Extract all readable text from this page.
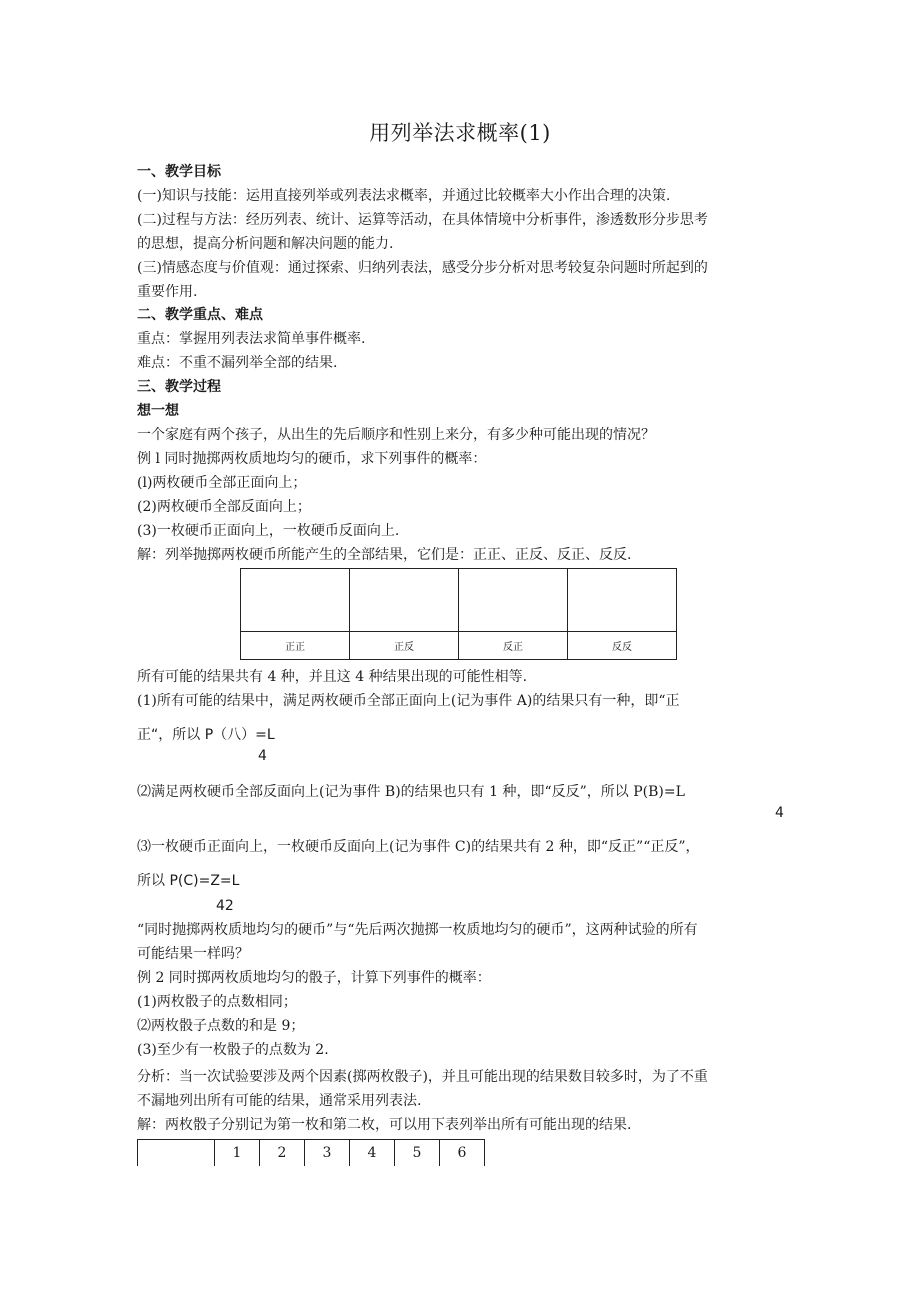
用列举法求概率(1)
一、教学目标
(一)知识与技能：运用直接列举或列表法求概率，并通过比较概率大小作出合理的决策.
(二)过程与方法：经历列表、统计、运算等活动，在具体情境中分析事件，渗透数形分步思考
的思想，提高分析问题和解决问题的能力.
(三)情感态度与价值观：通过探索、归纳列表法，感受分步分析对思考较复杂问题时所起到的
重要作用.
二、教学重点、难点
重点：掌握用列表法求简单事件概率.
难点：不重不漏列举全部的结果.
三、教学过程
想一想
一个家庭有两个孩子，从出生的先后顺序和性别上来分，有多少种可能出现的情况？
例 l 同时抛掷两枚质地均匀的硬币，求下列事件的概率：
(l)两枚硬币全部正面向上；
(2)两枚硬币全部反面向上；
(3)一枚硬币正面向上，一枚硬币反面向上.
解：列举抛掷两枚硬币所能产生的全部结果，它们是：正正、正反、反正、反反.

正正	正反	反正	反反
所有可能的结果共有 4 种，并且这 4 种结果出现的可能性相等.
(1)所有可能的结果中，满足两枚硬币全部正面向上(记为事件 A)的结果只有一种，即“正
正“，所以 P（八）=L
4
⑵满足两枚硬币全部反面向上(记为事件 B)的结果也只有 1 种，即“反反”，所以 P(B)=L
4
⑶一枚硬币正面向上，一枚硬币反面向上(记为事件 C)的结果共有 2 种，即“反正”“正反”，
所以 P(C)=Z=L
42
“同时抛掷两枚质地均匀的硬币”与“先后两次抛掷一枚质地均匀的硬币”，这两种试验的所有
可能结果一样吗？
例 2 同时掷两枚质地均匀的骰子，计算下列事件的概率：
(1)两枚骰子的点数相同；
⑵两枚骰子点数的和是 9；
(3)至少有一枚骰子的点数为 2.
分析：当一次试验要涉及两个因素(掷两枚骰子)，并且可能出现的结果数目较多时，为了不重
不漏地列出所有可能的结果，通常采用列表法.
解：两枚骰子分别记为第一枚和第二枚，可以用下表列举出所有可能出现的结果.
	1	2	3	4	5	6
